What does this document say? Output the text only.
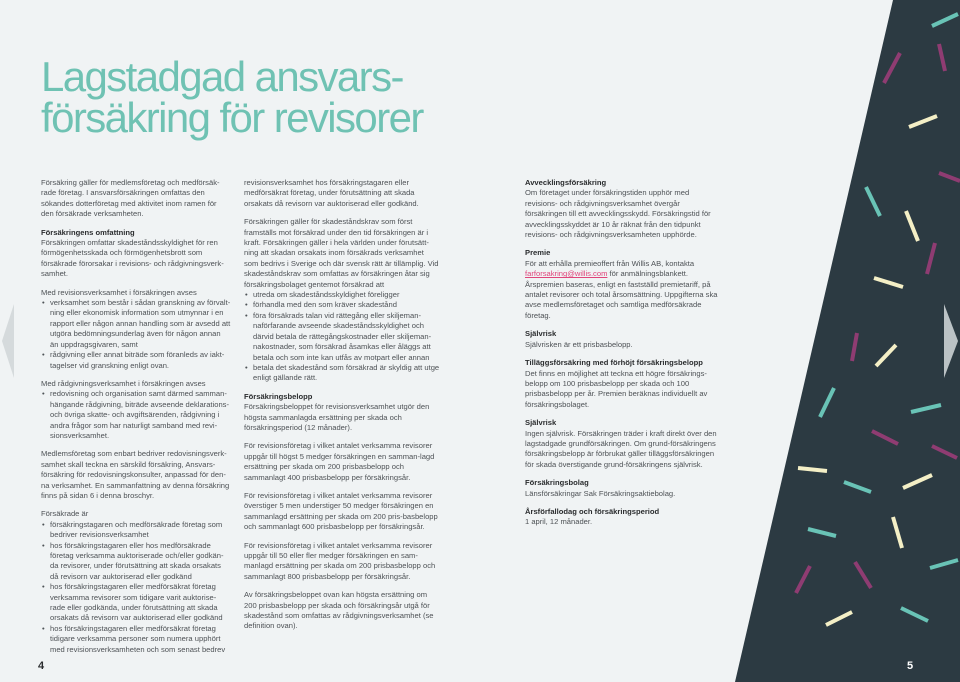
Lagstadgad ansvars-
försäkring för revisorer

Försäkring gäller för medlemsföretag och medförsäk-rade företag. I ansvarsförsäkringen omfattas den sökandes dotterföretag med aktivitet inom ramen för den försäkrade verksamheten.

Försäkringens omfattning

Försäkringen omfattar skadeståndsskyldighet för ren förmögenhetsskada och förmögenhetsbrott som försäkrade förorsakar i revisions- och rådgivningsverk-samhet.

Med revisionsverksamhet i försäkringen avses
• verksamhet som består i sådan granskning av förvalt-ning eller ekonomisk information som utmynnar i en rapport eller någon annan handling som är avsedd att utgöra bedömningsunderlag även för någon annan än uppdragsgivaren, samt
• rådgivning eller annat biträde som föranleds av iakt-tagelser vid granskning enligt ovan.
Med rådgivningsverksamhet i försäkringen avses
• redovisning och organisation samt därmed samman-hängande rådgivning, biträde avseende deklarations- och övriga skatte- och avgiftsärenden, rådgivning i andra frågor som har naturligt samband med revi-sionsverksamhet.

Medlemsföretag som enbart bedriver redovisningsverk-samhet skall teckna en särskild försäkring, Ansvars-försäkring för redovisningskonsulter, anpassad för den-na verksamhet. En sammanfattning av denna försäkring finns på sidan 6 i denna broschyr.

Försäkrade är
• försäkringstagaren och medförsäkrade företag som bedriver revisionsverksamhet
• hos försäkringstagaren eller hos medförsäkrade företag verksamma auktoriserade och/eller godkän-da revisorer, under förutsättning att skada orsakats då revisorn var auktoriserad eller godkänd
• hos försäkringstagaren eller medförsäkrat företag verksamma revisorer som tidigare varit auktorise-rade eller godkända, under förutsättning att skada orsakats då revisorn var auktoriserad eller godkänd
• hos försäkringstagaren eller medförsäkrat företag tidigare verksamma personer som numera upphört med revisionsverksamheten och som senast bedrev

revisionsverksamhet hos försäkringstagaren eller medförsäkrat företag, under förutsättning att skada orsakats då revisorn var auktoriserad eller godkänd.

Försäkringen gäller för skadeståndskrav som först framställs mot försäkrad under den tid försäkringen är i kraft. Försäkringen gäller i hela världen under förutsätt-ning att skadan orsakats inom försäkrads verksamhet som bedrivs i Sverige och där svensk rätt är tillämplig. Vid skadeståndskrav som omfattas av försäkringen åtar sig försäkringsbolaget gentemot försäkrad att
• utreda om skadeståndsskyldighet föreligger
• förhandla med den som kräver skadestånd
• föra försäkrads talan vid rättegång eller skiljeman-naförfarande avseende skadeståndsskyldighet och därvid betala de rättegångskostnader eller skiljeman-nakostnader, som försäkrad åsamkas eller åläggs att betala och som inte kan utfås av motpart eller annan
• betala det skadestånd som försäkrad är skyldig att utge enligt gällande rätt.
Försäkringsbelopp

Försäkringsbeloppet för revisionsverksamhet utgör den högsta sammanlagda ersättning per skada och försäkringsperiod (12 månader).

För revisionsföretag i vilket antalet verksamma revisorer uppgår till högst 5 medger försäkringen en samman-lagd ersättning per skada om 200 prisbasbelopp och sammanlagt 400 prisbasbelopp per försäkringsår.

För revisionsföretag i vilket antalet verksamma revisorer överstiger 5 men understiger 50 medger försäkringen en sammanlagd ersättning per skada om 200 pris-basbelopp och sammanlagt 600 prisbasbelopp per försäkringsår.

För revisionsföretag i vilket antalet verksamma revisorer uppgår till 50 eller fler medger försäkringen en sam-manlagd ersättning per skada om 200 prisbasbelopp och sammanlagt 800 prisbasbelopp per försäkringsår.

Av försäkringsbeloppet ovan kan högsta ersättning om 200 prisbasbelopp per skada och försäkringsår utgå för skadestånd som omfattas av rådgivningsverksamhet (se definition ovan).

Avvecklingsförsäkring

Om företaget under försäkringstiden upphör med revisions- och rådgivningsverksamhet övergår försäkringen till ett avvecklingsskydd. Försäkringstid för avvecklingsskyddet är 10 år räknat från den tidpunkt revisions- och rådgivningsverksamheten upphörde.

Premie

För att erhålla premieoffert från Willis AB, kontakta farforsakring@willis.com för anmälningsblankett. Årspremien baseras, enligt en fastställd premietariff, på antalet revisorer och total årsomsättning. Uppgifterna ska avse medlemsföretaget och samtliga medförsäkrade företag.

Självrisk

Självrisken är ett prisbasbelopp.

Tilläggsförsäkring med förhöjt försäkringsbelopp

Det finns en möjlighet att teckna ett högre försäkrings-belopp om 100 prisbasbelopp per skada och 100 prisbasbelopp per år. Premien beräknas individuellt av försäkringsbolaget.

Självrisk

Ingen självrisk. Försäkringen träder i kraft direkt över den lagstadgade grundförsäkringen. Om grund-försäkringens försäkringsbelopp är förbrukat gäller tilläggsförsäkringen för skada överstigande grund-försäkringens självrisk.

Försäkringsbolag

Länsförsäkringar Sak Försäkringsaktiebolag.

Årsförfallodag och försäkringsperiod

1 april, 12 månader.

4	5
